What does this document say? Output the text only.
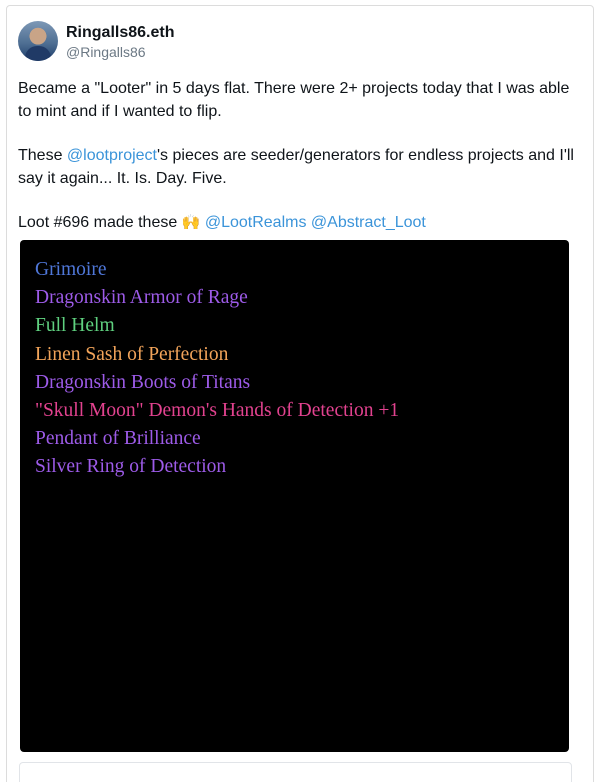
Ringalls86.eth
@Ringalls86

Became a "Looter" in 5 days flat. There were 2+ projects today that I was able to mint and if I wanted to flip.

These @lootproject's pieces are seeder/generators for endless projects and I'll say it again... It. Is. Day. Five.

Loot #696 made these 🙌 @LootRealms @Abstract_Loot

Grimoire
Dragonskin Armor of Rage
Full Helm
Linen Sash of Perfection
Dragonskin Boots of Titans
"Skull Moon" Demon's Hands of Detection +1
Pendant of Brilliance
Silver Ring of Detection
